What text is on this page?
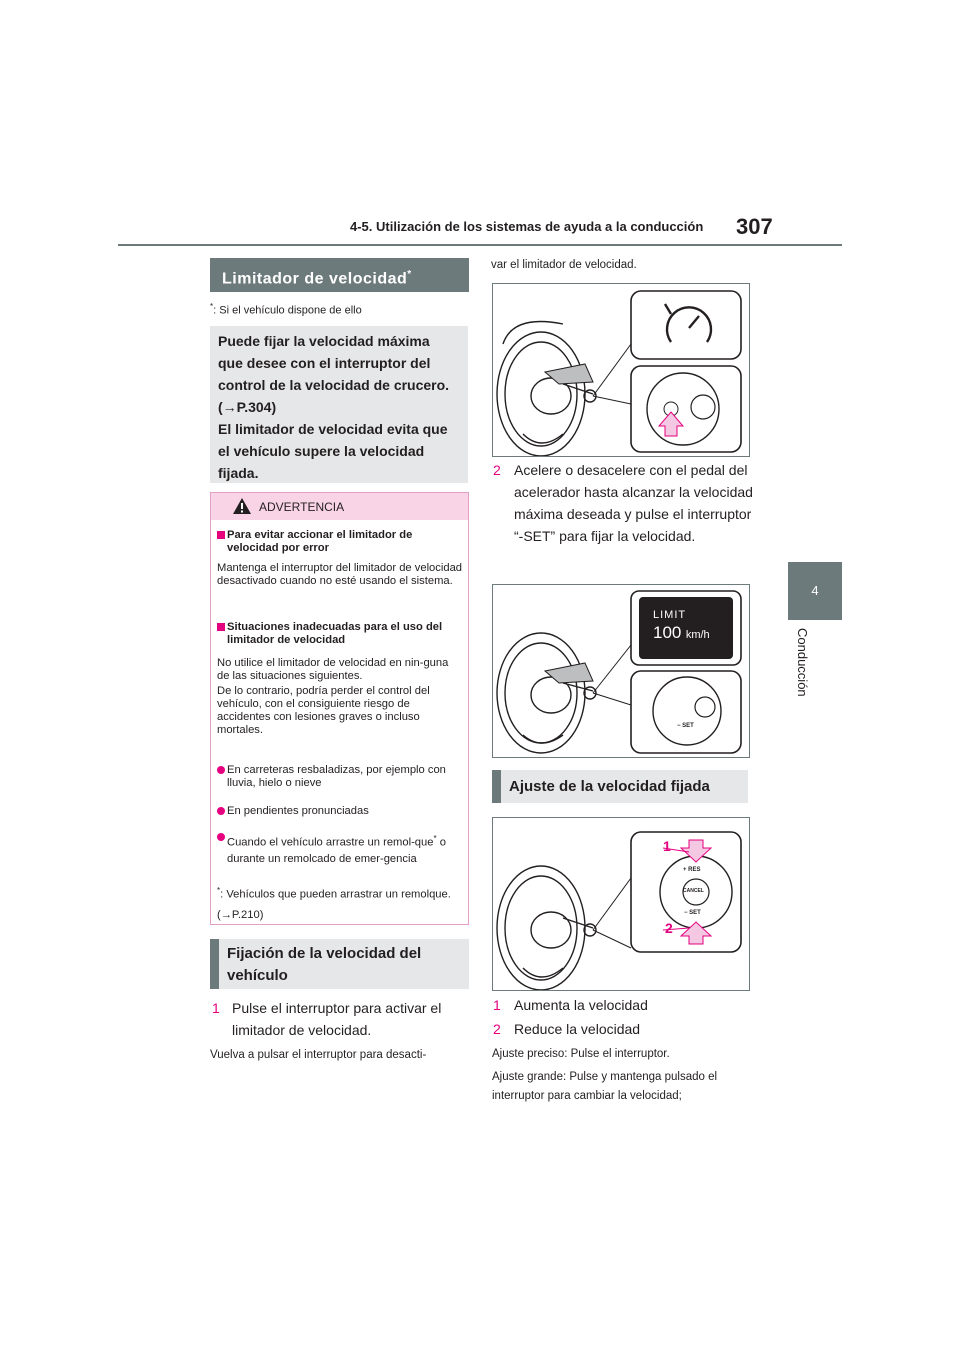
4-5. Utilización de los sistemas de ayuda a la conducción 307
4
Conducción
Limitador de velocidad*
*: Si el vehículo dispone de ello

Puede fijar la velocidad máxima

que desee con el interruptor del

control de la velocidad de crucero.

(→P.304)

El limitador de velocidad evita que

el vehículo supere la velocidad

fijada.

ADVERTENCIA
Para evitar accionar el limitador de velocidad por error
Mantenga el interruptor del limitador de velocidad desactivado cuando no esté usando el sistema.
Situaciones inadecuadas para el uso del limitador de velocidad
No utilice el limitador de velocidad en nin-guna de las situaciones siguientes.
De lo contrario, podría perder el control del vehículo, con el consiguiente riesgo de accidentes con lesiones graves o incluso mortales.
En carreteras resbaladizas, por ejemplo con lluvia, hielo o nieve
En pendientes pronunciadas
Cuando el vehículo arrastre un remol-que* o durante un remolcado de emer-gencia
*: Vehículos que pueden arrastrar un remolque. (→P.210)
Fijación de la velocidad del vehículo
1 Pulse el interruptor para activar el limitador de velocidad.
Vuelva a pulsar el interruptor para desacti-
var el limitador de velocidad.
2 Acelere o desacelere con el pedal del acelerador hasta alcanzar la velocidad máxima deseada y pulse el interruptor “-SET” para fijar la velocidad.
LIMIT
100 km/h
− SET
Ajuste de la velocidad fijada
1
2
+ RES
CANCEL
− SET
1 Aumenta la velocidad
2 Reduce la velocidad
Ajuste preciso: Pulse el interruptor.
Ajuste grande: Pulse y mantenga pulsado el interruptor para cambiar la velocidad;
